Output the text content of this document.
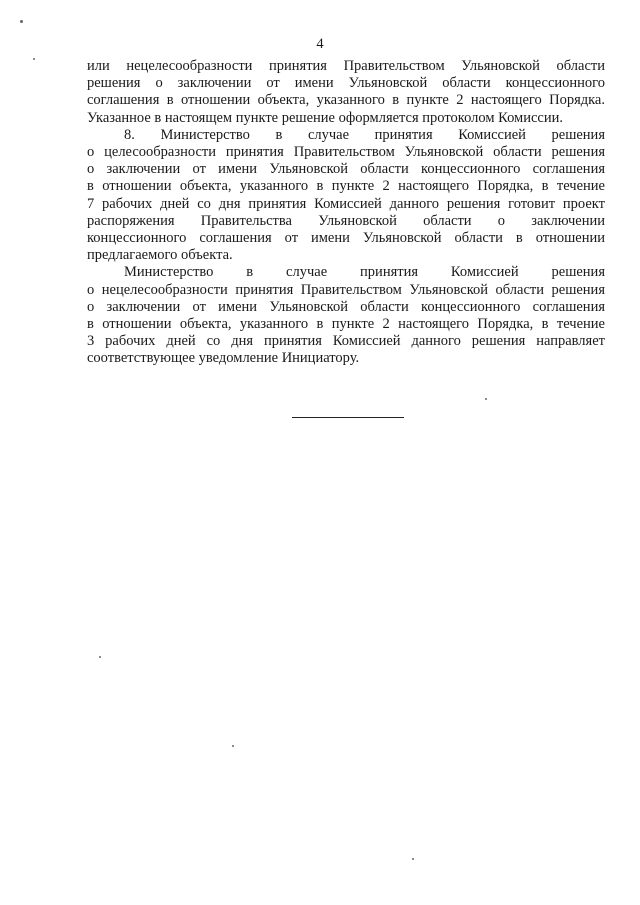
4
или нецелесообразности принятия Правительством Ульяновской области
решения о заключении от имени Ульяновской области концессионного
соглашения в отношении объекта, указанного в пункте 2 настоящего Порядка.
Указанное в настоящем пункте решение оформляется протоколом Комиссии.
8. Министерство в случае принятия Комиссией решения
о целесообразности принятия Правительством Ульяновской области решения
о заключении от имени Ульяновской области концессионного соглашения
в отношении объекта, указанного в пункте 2 настоящего Порядка, в течение
7 рабочих дней со дня принятия Комиссией данного решения готовит проект
распоряжения Правительства Ульяновской области о заключении
концессионного соглашения от имени Ульяновской области в отношении
предлагаемого объекта.
Министерство в случае принятия Комиссией решения
о нецелесообразности принятия Правительством Ульяновской области решения
о заключении от имени Ульяновской области концессионного соглашения
в отношении объекта, указанного в пункте 2 настоящего Порядка, в течение
3 рабочих дней со дня принятия Комиссией данного решения направляет
соответствующее уведомление Инициатору.
